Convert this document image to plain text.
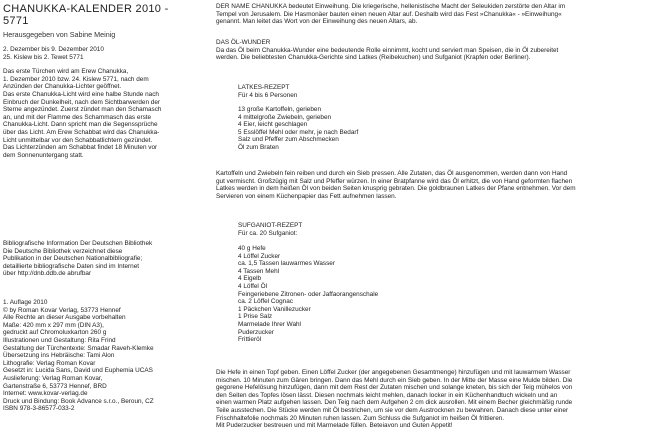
CHANUKKA-KALENDER 2010 - 5771
Herausgegeben von Sabine Meinig
2. Dezember bis 9. Dezember 2010
25. Kislew bis 2. Tewet 5771
Das erste Türchen wird am Erew Chanukka,
1. Dezember 2010 bzw. 24. Kislew 5771, nach dem
Anzünden der Chanukka-Lichter geöffnet.
Das erste Chanukka-Licht wird eine halbe Stunde nach
Einbruch der Dunkelheit, nach dem Sichtbarwerden der
Sterne angezündet. Zuerst zündet man den Schamasch
an, und mit der Flamme des Schammasch das erste
Chanukka-Licht. Dann spricht man die Segenssprüche
über das Licht. Am Erew Schabbat wird das Chanukka-
Licht unmittelbar vor den Schabbatlichtern gezündet.
Das Lichterzünden am Schabbat findet 18 Minuten vor
dem Sonnenuntergang statt.
Bibliografische Information Der Deutschen Bibliothek
Die Deutsche Bibliothek verzeichnet diese
Publikation in der Deutschen Nationalbibliografie;
detaillierte bibliografische Daten sind im Internet
über http://dnb.ddb.de abrufbar
1. Auflage 2010
© by Roman Kovar Verlag, 53773 Hennef
Alle Rechte an dieser Ausgabe vorbehalten
Maße: 420 mm x 297 mm (DIN A3),
gedruckt auf Chromoluxkarton 260 g
Illustrationen und Gestaltung: Rita Frind
Gestaltung der Türchentexte: Smadar Raveh-Klemke
Übersetzung ins Hebräische: Tami Alon
Lithografie: Verlag Roman Kovar
Gesetzt in: Lucida Sans, David und Euphemia UCAS
Auslieferung: Verlag Roman Kovar,
Gartenstraße 6, 53773 Hennef, BRD
Internet: www.kovar-verlag.de
Druck und Bindung: Book Advance s.r.o., Beroun, CZ
ISBN 978-3-86577-033-2
DER NAME CHANUKKA bedeutet Einweihung. Die kriegerische, hellenistische Macht der Seleukiden zerstörte den Altar im
Tempel von Jerusalem. Die Hasmonäer bauten einen neuen Altar auf. Deshalb wird das Fest »Chanukka« - »Einweihung«
genannt. Man leitet das Wort von der Einweihung des neuen Altars, ab.
DAS ÖL-WUNDER
Da das Öl beim Chanukka-Wunder eine bedeutende Rolle einnimmt, kocht und serviert man Speisen, die in Öl zubereitet
werden. Die beliebtesten Chanukka-Gerichte sind Latkes (Reibekuchen) und Sufganiot (Krapfen oder Berliner).
LATKES-REZEPT
Für 4 bis 6 Personen
13 große Kartoffeln, gerieben
4 mittelgroße Zwiebeln, gerieben
4 Eier, leicht geschlagen
5 Esslöffel Mehl oder mehr, je nach Bedarf
Salz und Pfeffer zum Abschmecken
Öl zum Braten
Kartoffeln und Zwiebeln fein reiben und durch ein Sieb pressen. Alle Zutaten, das Öl ausgenommen, werden dann von Hand
gut vermischt. Großzügig mit Salz und Pfeffer würzen. In einer Bratpfanne wird das Öl erhitzt, die von Hand geformten flachen
Latkes werden in dem heißen Öl von beiden Seiten knusprig gebraten. Die goldbraunen Latkes der Pfane entnehmen. Vor dem
Servieren von einem Küchenpapier das Fett aufnehmen lassen.
SUFGANIOT-REZEPT
Für ca. 20 Sufganiot:
40 g Hefe
4 Löffel Zucker
ca. 1,5 Tassen lauwarmes Wasser
4 Tassen Mehl
4 Eigelb
4 Löffel Öl
Feingeriebene Zitronen- oder Jaffaorangenschale
ca. 2 Löffel Cognac
1 Päckchen Vanillezucker
1 Prise Salz
Marmelade Ihrer Wahl
Puderzucker
Frittieröl
Die Hefe in einen Topf geben. Einen Löffel Zucker (der angegebenen Gesamtmenge) hinzufügen und mit lauwarmem Wasser
mischen. 10 Minuten zum Gären bringen. Dann das Mehl durch ein Sieb geben. In der Mitte der Masse eine Mulde bilden. Die
gegorene Hefelösung hinzufügen, dann mit dem Rest der Zutaten mischen und solange kneten, bis sich der Teig mühelos von
den Seiten des Topfes lösen lässt. Diesen nochmals leicht mehlen, danach locker in ein Küchenhandtuch wickeln und an
einen warmen Platz aufgehen lassen. Den Teig nach dem Aufgehen 2 cm dick ausrollen. Mit einem Becher gleichmäßig runde
Teile ausstechen. Die Stücke werden mit Öl bestrichen, um sie vor dem Austrocknen zu bewahren. Danach diese unter einer
Frischhaltefolie nochmals 20 Minuten ruhen lassen. Zum Schluss die Sufganiot im heißen Öl frittieren.
Mit Puderzucker bestreuen und mit Marmelade füllen. Beteiavon und Guten Appetit!
